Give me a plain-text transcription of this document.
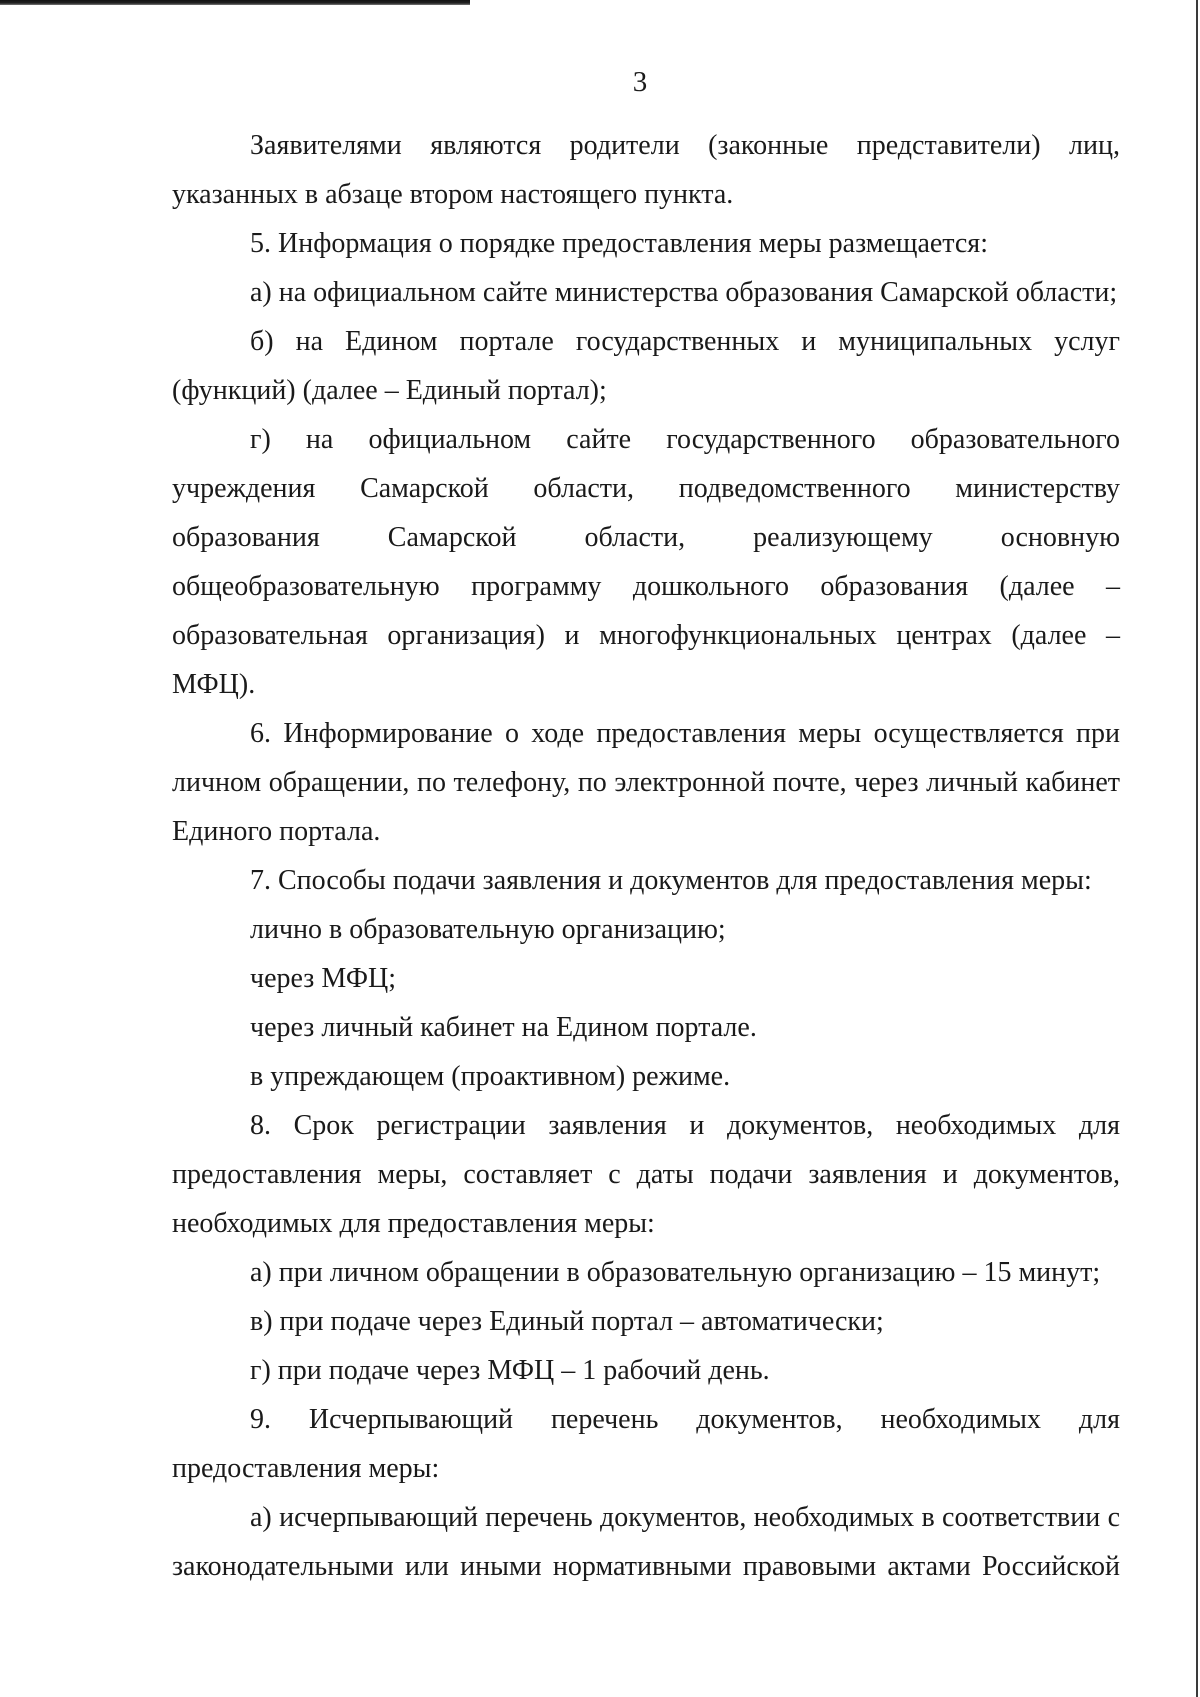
3

Заявителями являются родители (законные представители) лиц, указанных в абзаце втором настоящего пункта.

5. Информация о порядке предоставления меры размещается:

а) на официальном сайте министерства образования Самарской области;

б) на Едином портале государственных и муниципальных услуг (функций) (далее – Единый портал);

г) на официальном сайте государственного образовательного учреждения Самарской области, подведомственного министерству образования Самарской области, реализующему основную общеобразовательную программу дошкольного образования (далее – образовательная организация) и многофункциональных центрах (далее – МФЦ).

6. Информирование о ходе предоставления меры осуществляется при личном обращении, по телефону, по электронной почте, через личный кабинет Единого портала.

7. Способы подачи заявления и документов для предоставления меры:

лично в образовательную организацию;

через МФЦ;

через личный кабинет на Едином портале.

в упреждающем (проактивном) режиме.

8. Срок регистрации заявления и документов, необходимых для предоставления меры, составляет с даты подачи заявления и документов, необходимых для предоставления меры:

а) при личном обращении в образовательную организацию – 15 минут;

в) при подаче через Единый портал – автоматически;

г) при подаче через МФЦ – 1 рабочий день.

9. Исчерпывающий перечень документов, необходимых для предоставления меры:

а) исчерпывающий перечень документов, необходимых в соответствии с законодательными или иными нормативными правовыми актами Российской
